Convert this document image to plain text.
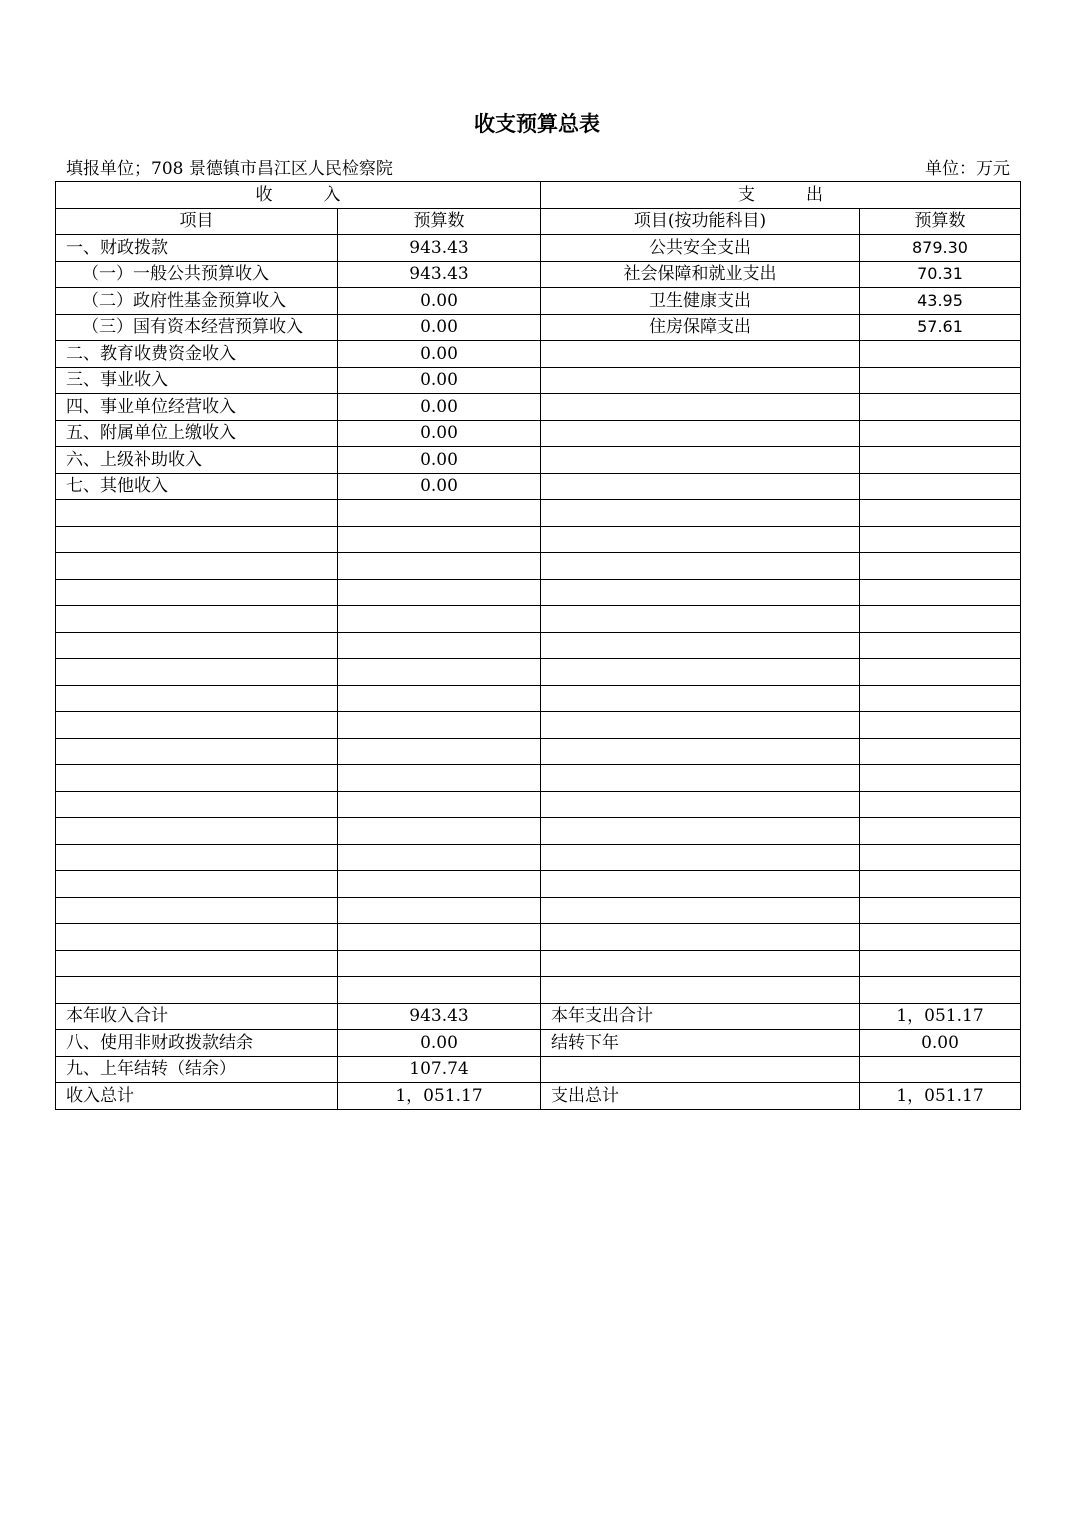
收支预算总表
填报单位；708 景德镇市昌江区人民检察院	单位：万元
收　　　入		支　　　出	
项目	预算数	项目(按功能科目)	预算数
一、财政拨款	943.43	公共安全支出	879.30
（一）一般公共预算收入	943.43	社会保障和就业支出	70.31
（二）政府性基金预算收入	0.00	卫生健康支出	43.95
（三）国有资本经营预算收入	0.00	住房保障支出	57.61
二、教育收费资金收入	0.00		
三、事业收入	0.00		
四、事业单位经营收入	0.00		
五、附属单位上缴收入	0.00		
六、上级补助收入	0.00		
七、其他收入	0.00		

本年收入合计	943.43	本年支出合计	1，051.17
八、使用非财政拨款结余	0.00	结转下年	0.00
九、上年结转（结余）	107.74		
收入总计	1，051.17	支出总计	1，051.17
